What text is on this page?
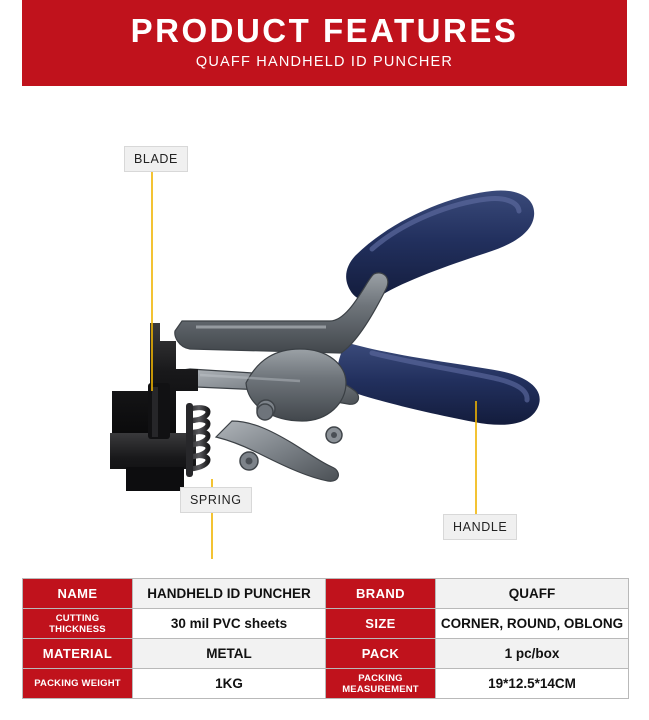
PRODUCT FEATURES
QUAFF HANDHELD ID PUNCHER
BLADE
SPRING
HANDLE
NAME	HANDHELD ID PUNCHER	BRAND	QUAFF
CUTTING THICKNESS	30 mil PVC sheets	SIZE	CORNER, ROUND, OBLONG
MATERIAL	METAL	PACK	1 pc/box
PACKING WEIGHT	1KG	PACKING MEASUREMENT	19*12.5*14CM
